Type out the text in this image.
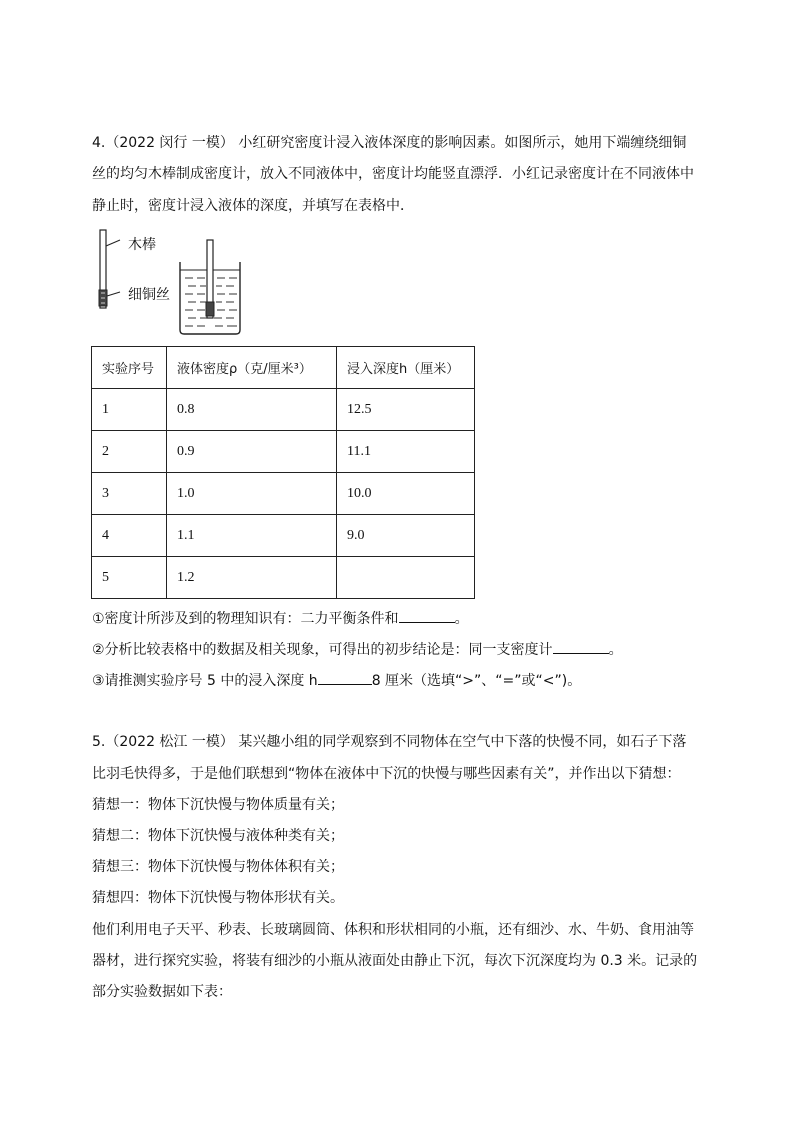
4.（2022 闵行 一模） 小红研究密度计浸入液体深度的影响因素。如图所示，她用下端缠绕细铜
丝的均匀木棒制成密度计，放入不同液体中，密度计均能竖直漂浮．小红记录密度计在不同液体中
静止时，密度计浸入液体的深度，并填写在表格中．
木棒
细铜丝
实验序号	液体密度ρ（克/厘米³）	浸入深度h（厘米）
1	0.8	12.5
2	0.9	11.1
3	1.0	10.0
4	1.1	9.0
5	1.2	
①密度计所涉及到的物理知识有：二力平衡条件和	。
②分析比较表格中的数据及相关现象，可得出的初步结论是：同一支密度计	。
③请推测实验序号 5 中的浸入深度 h	8 厘米（选填“>”、“=”或“<”)。
5.（2022 松江 一模） 某兴趣小组的同学观察到不同物体在空气中下落的快慢不同，如石子下落
比羽毛快得多，于是他们联想到“物体在液体中下沉的快慢与哪些因素有关”，并作出以下猜想：
猜想一：物体下沉快慢与物体质量有关；
猜想二：物体下沉快慢与液体种类有关；
猜想三：物体下沉快慢与物体体积有关；
猜想四：物体下沉快慢与物体形状有关。
他们利用电子天平、秒表、长玻璃圆筒、体积和形状相同的小瓶，还有细沙、水、牛奶、食用油等
器材，进行探究实验，将装有细沙的小瓶从液面处由静止下沉，每次下沉深度均为 0.3 米。记录的
部分实验数据如下表：
